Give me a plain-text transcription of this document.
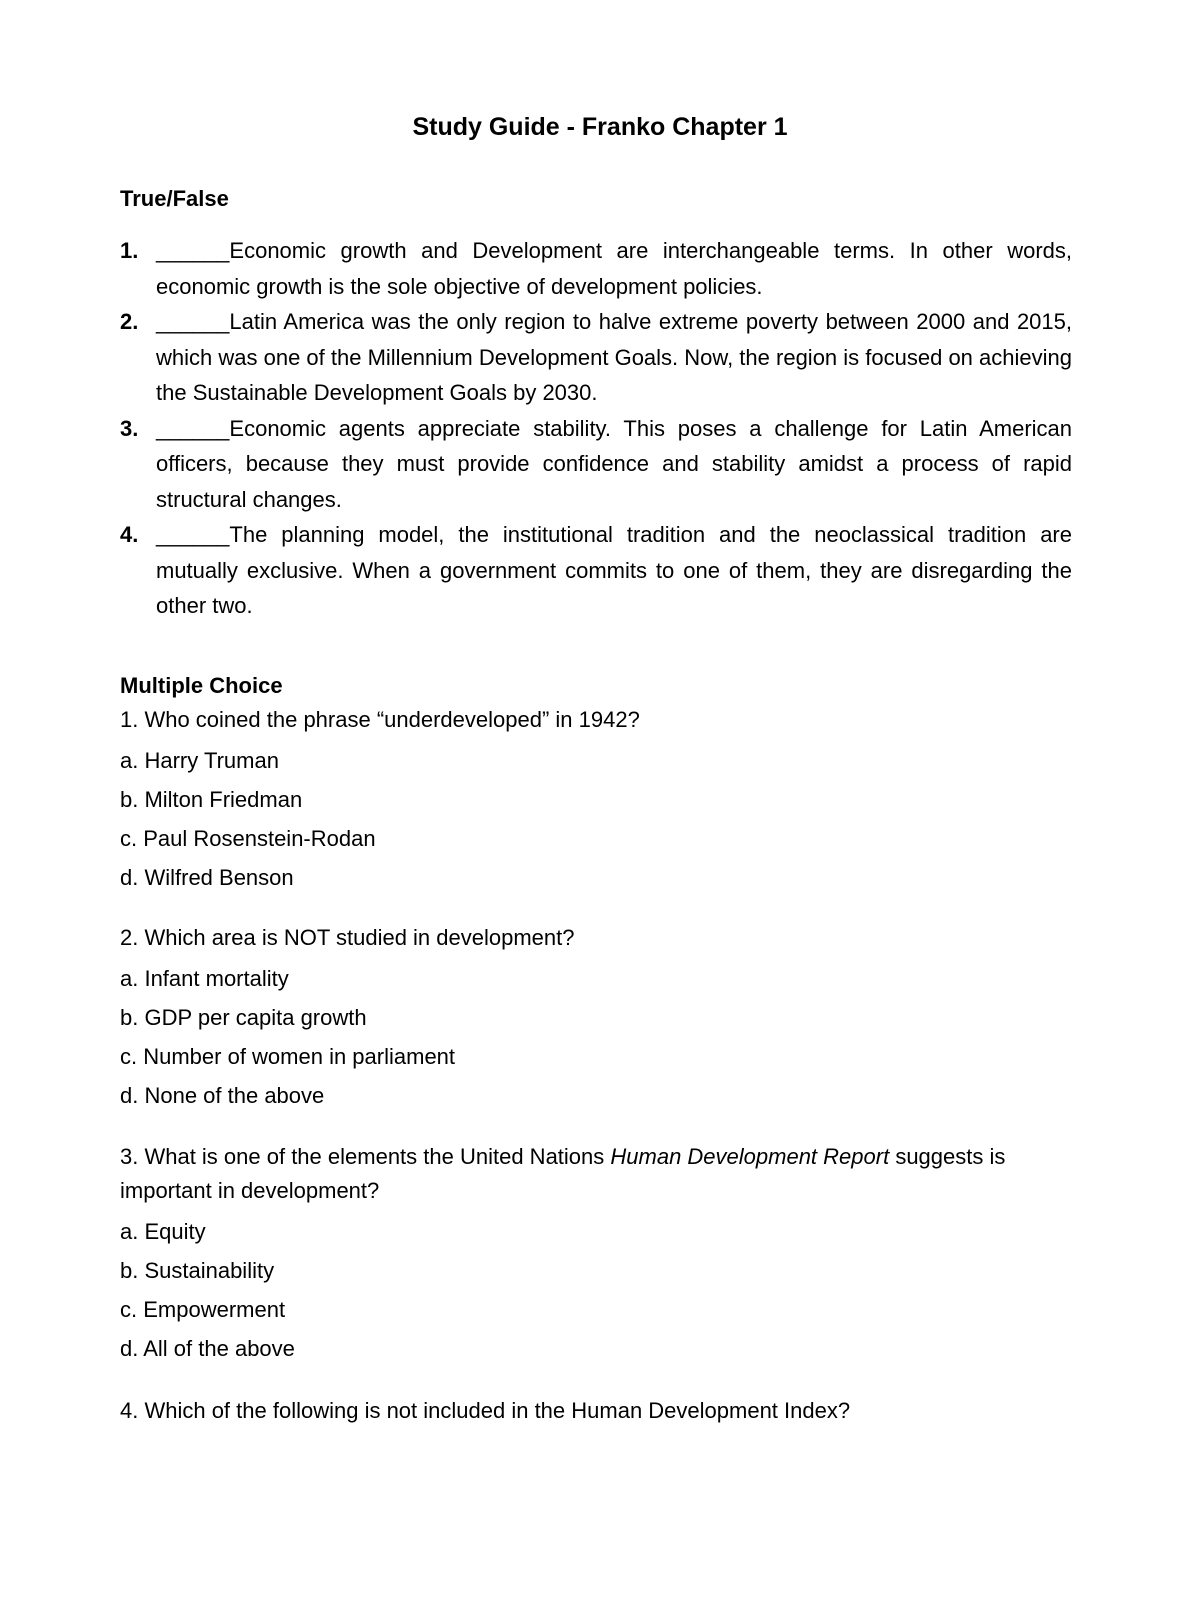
Study Guide - Franko Chapter 1
True/False
1. ______Economic growth and Development are interchangeable terms. In other words, economic growth is the sole objective of development policies.
2. ______Latin America was the only region to halve extreme poverty between 2000 and 2015, which was one of the Millennium Development Goals. Now, the region is focused on achieving the Sustainable Development Goals by 2030.
3. ______Economic agents appreciate stability. This poses a challenge for Latin American officers, because they must provide confidence and stability amidst a process of rapid structural changes.
4. ______The planning model, the institutional tradition and the neoclassical tradition are mutually exclusive. When a government commits to one of them, they are disregarding the other two.
Multiple Choice
1. Who coined the phrase “underdeveloped” in 1942?
a. Harry Truman
b. Milton Friedman
c. Paul Rosenstein-Rodan
d. Wilfred Benson
2. Which area is NOT studied in development?
a. Infant mortality
b. GDP per capita growth
c. Number of women in parliament
d. None of the above
3. What is one of the elements the United Nations Human Development Report suggests is important in development?
a. Equity
b. Sustainability
c. Empowerment
d. All of the above
4. Which of the following is not included in the Human Development Index?
